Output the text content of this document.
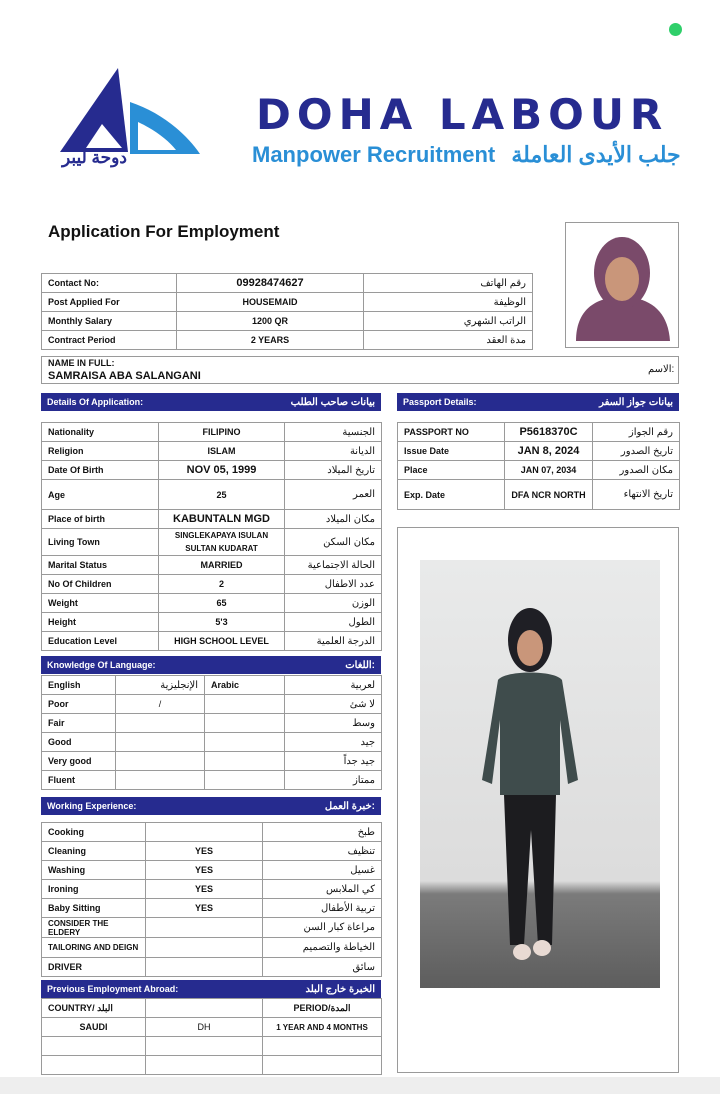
دوحة ليبر
DOHA LABOUR
Manpower Recruitment جلب الأيدى العاملة
Application For Employment
Contact No:	09928474627	رقم الهاتف
Post Applied For	HOUSEMAID	الوظيفة
Monthly Salary	1200 QR	الراتب الشهري
Contract Period	2 YEARS	مدة العقد
NAME IN FULL:
SAMRAISA ABA SALANGANI
الاسم:
Details Of Application:	بيانات صاحب الطلب
Nationality	FILIPINO	الجنسية
Religion	ISLAM	الديانة
Date Of Birth	NOV 05, 1999	تاريخ الميلاد
Age	25	العمر
Place of birth	KABUNTALN MGD	مكان الميلاد
Living Town	SINGLEKAPAYA ISULAN SULTAN KUDARAT	مكان السكن
Marital Status	MARRIED	الحالة الاجتماعية
No Of Children	2	عدد الاطفال
Weight	65	الوزن
Height	5'3	الطول
Education Level	HIGH SCHOOL LEVEL	الدرجة العلمية
Passport Details:	بيانات جواز السفر
PASSPORT NO	P5618370C	رقم الجواز
Issue Date	JAN 8, 2024	تاريخ الصدور
Place	JAN 07, 2034	مكان الصدور
Exp. Date	DFA NCR NORTH	تاريخ الانتهاء
Knowledge Of Language:	اللغات:
English	الإنجليزية	Arabic	لعربية
Poor	/		لا شئ
Fair			وسط
Good			جيد
Very good			جيد جداً
Fluent			ممتاز
Working Experience:	خبرة العمل:
Cooking		طبخ
Cleaning	YES	تنظيف
Washing	YES	غسيل
Ironing	YES	كي الملابس
Baby Sitting	YES	تربية الأطفال
CONSIDER THE ELDERY		مراعاة كبار السن
TAILORING AND DEIGN		الخياطة والتصميم
DRIVER		سائق
Previous Employment Abroad:	الخبرة خارج البلد
COUNTRY/ البلد		PERIOD/المدة
SAUDI	DH	1 YEAR AND 4 MONTHS
